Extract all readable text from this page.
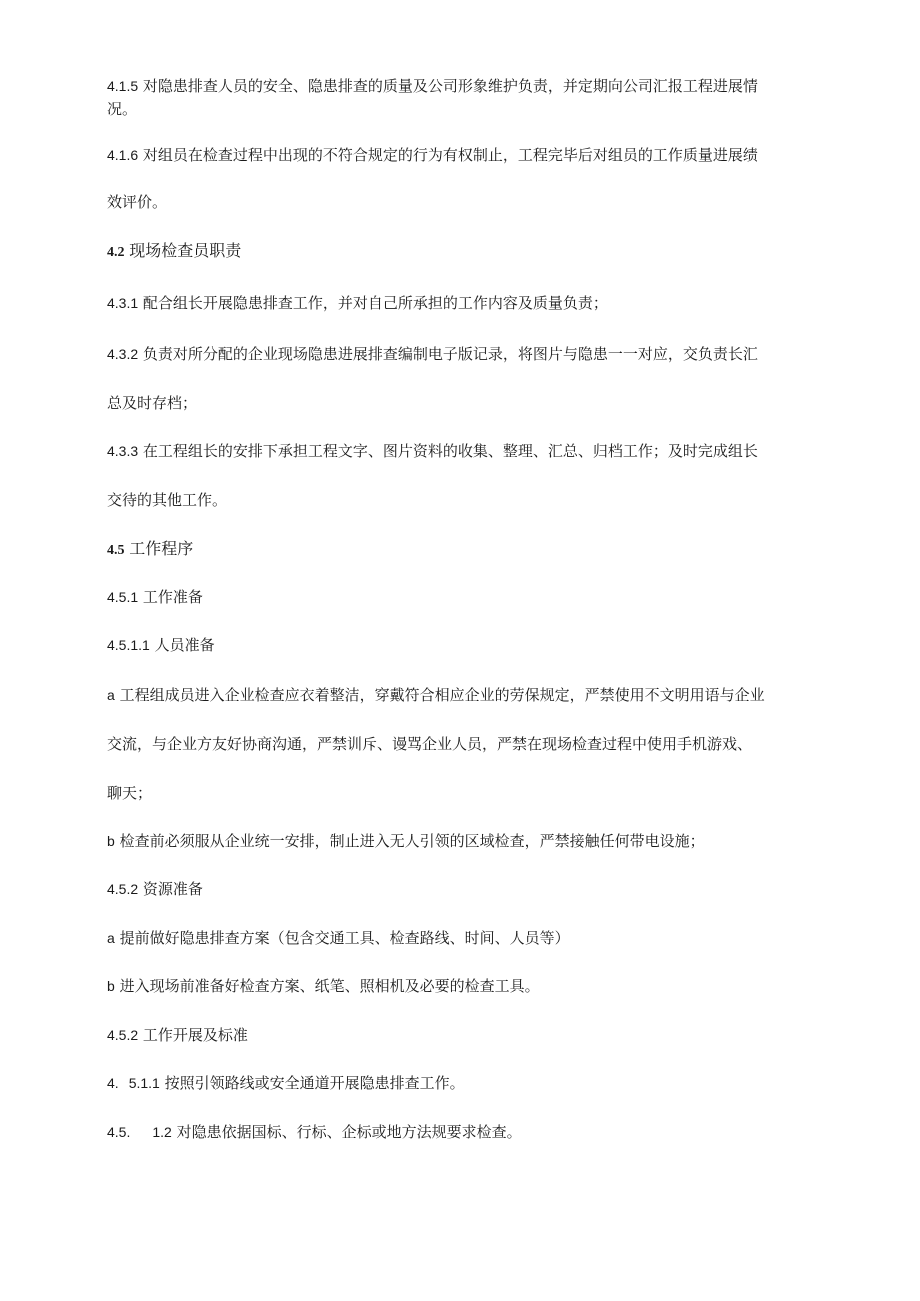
4.1.5 对隐患排查人员的安全、隐患排查的质量及公司形象维护负责，并定期向公司汇报工程进展情
况。
4.1.6 对组员在检查过程中出现的不符合规定的行为有权制止，工程完毕后对组员的工作质量进展绩
效评价。
4.2 现场检查员职责
4.3.1 配合组长开展隐患排查工作，并对自己所承担的工作内容及质量负责；
4.3.2 负责对所分配的企业现场隐患进展排查编制电子版记录，将图片与隐患一一对应，交负责长汇
总及时存档；
4.3.3 在工程组长的安排下承担工程文字、图片资料的收集、整理、汇总、归档工作；及时完成组长
交待的其他工作。
4.5 工作程序
4.5.1 工作准备
4.5.1.1 人员准备
a 工程组成员进入企业检查应衣着整洁，穿戴符合相应企业的劳保规定，严禁使用不文明用语与企业
交流，与企业方友好协商沟通，严禁训斥、谩骂企业人员，严禁在现场检查过程中使用手机游戏、
聊天；
b 检查前必须服从企业统一安排，制止进入无人引领的区域检查，严禁接触任何带电设施；
4.5.2 资源准备
a 提前做好隐患排查方案（包含交通工具、检查路线、时间、人员等）
b 进入现场前准备好检查方案、纸笔、照相机及必要的检查工具。
4.5.2 工作开展及标准
4. 5.1.1 按照引领路线或安全通道开展隐患排查工作。
4.5. 1.2 对隐患依据国标、行标、企标或地方法规要求检查。
